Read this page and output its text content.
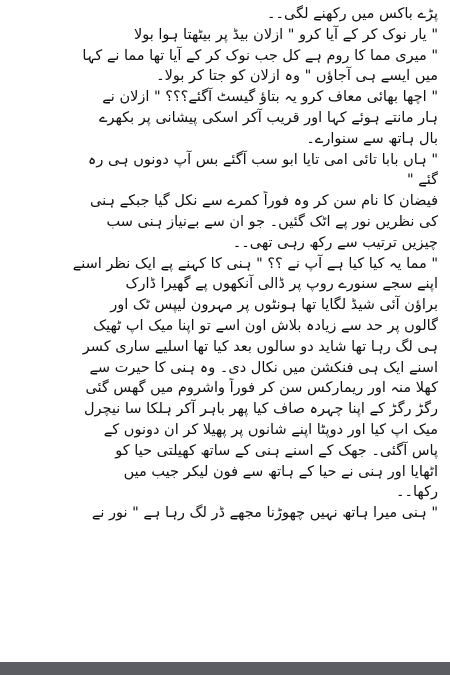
پڑے باکس میں رکھنے لگی۔۔
" یار نوک کر کے آیا کرو " ازلان بیڈ پر بیٹھتا ہوا بولا
" میری مما کا روم ہے کل جب نوک کر کے آیا تھا مما نے کہا
میں ایسے ہی آجاؤں " وہ ازلان کو جتا کر بولا۔
" اچھا بھائی معاف کرو یہ بتاؤ گیسٹ آگئے؟؟؟ " ازلان نے
ہار مانتے ہوئے کہا اور قریب آکر اسکی پیشانی پر بکھرے
بال ہاتھ سے سنوارے۔
" ہاں بابا تائی امی تایا ابو سب آگئے بس آپ دونوں ہی رہ
گئے "
فیضان کا نام سن کر وہ فوراً کمرے سے نکل گیا جبکے ہنی
کی نظریں نور پے اٹک گئیں۔ جو ان سے بےنیاز ہنی سب
چیزیں ترتیب سے رکھ رہی تھی۔۔
" مما یہ کیا کیا ہے آپ نے ؟؟ " ہنی کا کہنے پے ایک نظر اسنے
اپنے سجے سنورے روپ پر ڈالی آنکھوں پے گھیرا ڈارک
براؤن آئی شیڈ لگایا تھا ہونٹوں پر مہرون لیپس ٹک اور
گالوں پر حد سے زیادہ بلاش اون اسے تو اپنا میک اپ ٹھیک
ہی لگ رہا تھا شاید دو سالوں بعد کیا تھا اسلیے ساری کسر
اسنے ایک ہی فنکشن میں نکال دی۔ وہ ہنی کا حیرت سے
کھلا منہ اور ریمارکس سن کر فوراً واشروم میں گھس گئی
رگڑ رگڑ کے اپنا چہرہ صاف کیا پھر باہر آکر ہلکا سا نیچرل
میک اپ کیا اور دوپٹا اپنے شانوں پر پھیلا کر ان دونوں کے
پاس آگئی۔ جھک کے اسنے ہنی کے ساتھ کھیلتی حیا کو
اٹھایا اور ہنی نے حیا کے ہاتھ سے فون لیکر جیب میں
رکھا۔۔
" ہنی میرا ہاتھ نہیں چھوڑنا مجھے ڈر لگ رہا ہے " نور نے
